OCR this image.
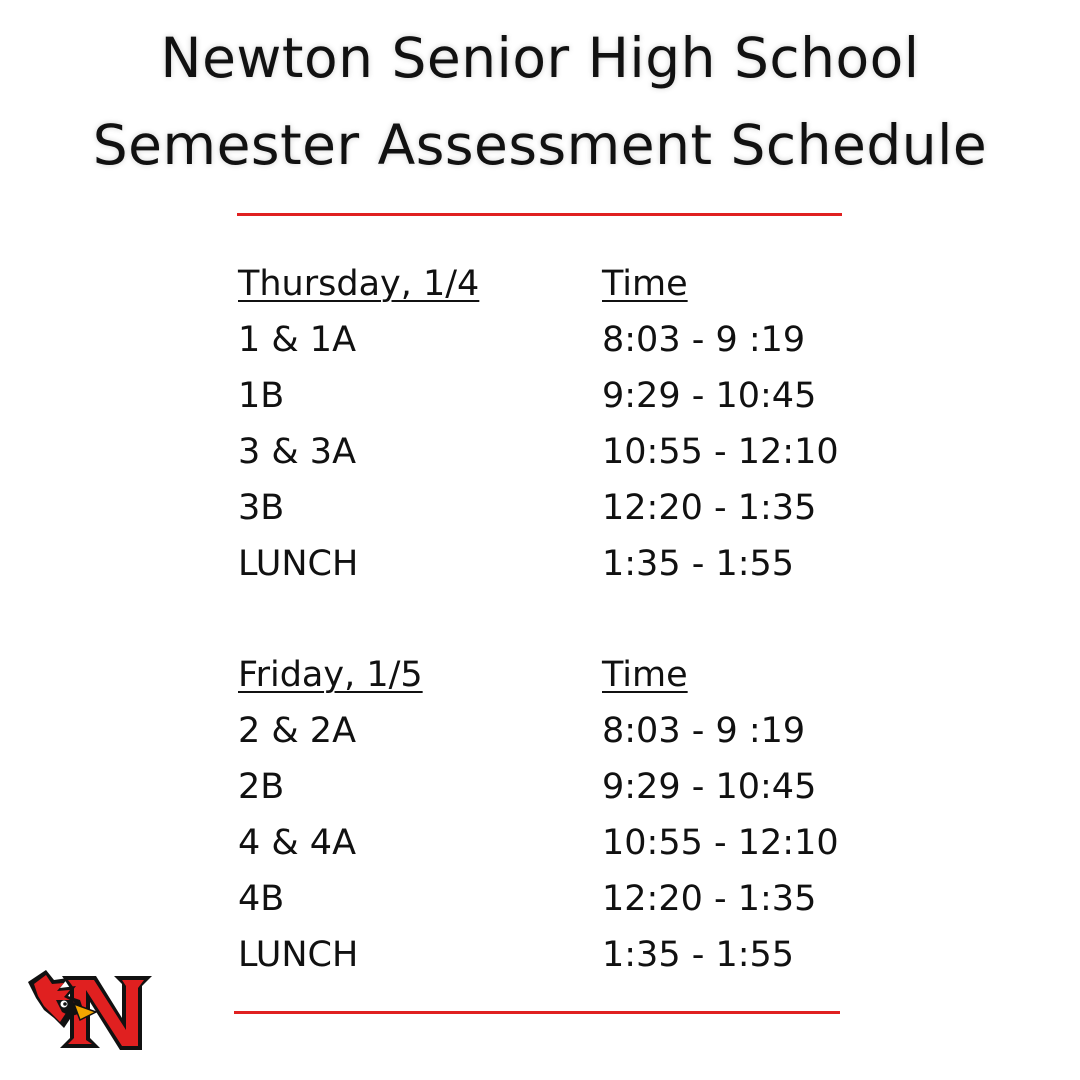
Newton Senior High School
Semester Assessment Schedule
Thursday, 1/4	Time
1 & 1A	8:03 - 9 :19
1B	9:29 - 10:45
3 & 3A	10:55 - 12:10
3B	12:20 - 1:35
LUNCH	1:35 - 1:55
Friday, 1/5	Time
2 & 2A	8:03 - 9 :19
2B	9:29 - 10:45
4 & 4A	10:55 - 12:10
4B	12:20 - 1:35
LUNCH	1:35 - 1:55
